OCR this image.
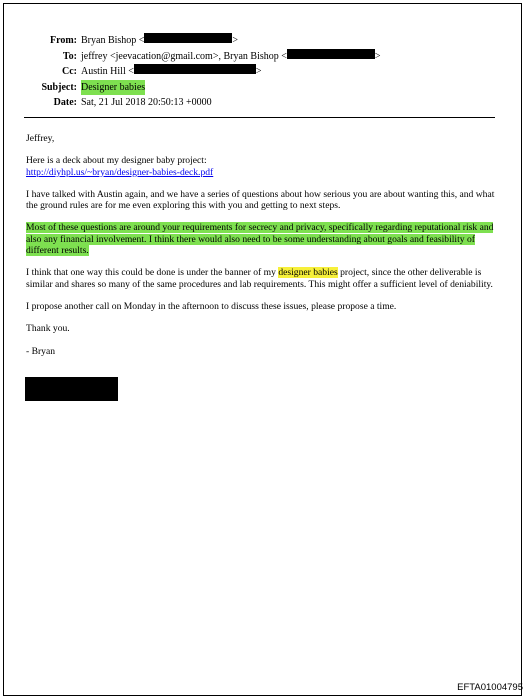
From: Bryan Bishop <	>
To: jeffrey <jeevacation@gmail.com>, Bryan Bishop <	>
Cc: Austin Hill <	>
Subject: Designer babies
Date: Sat, 21 Jul 2018 20:50:13 +0000

Jeffrey,

Here is a deck about my designer baby project:
http://diyhpl.us/~bryan/designer-babies-deck.pdf

I have talked with Austin again, and we have a series of questions about how serious you are about wanting this, and what the ground rules are for me even exploring this with you and getting to next steps.

Most of these questions are around your requirements for secrecy and privacy, specifically regarding reputational risk and also any financial involvement. I think there would also need to be some understanding about goals and feasibility of different results.

I think that one way this could be done is under the banner of my designer babies project, since the other deliverable is similar and shares so many of the same procedures and lab requirements. This might offer a sufficient level of deniability.

I propose another call on Monday in the afternoon to discuss these issues, please propose a time.

Thank you.

- Bryan

EFTA01004795
